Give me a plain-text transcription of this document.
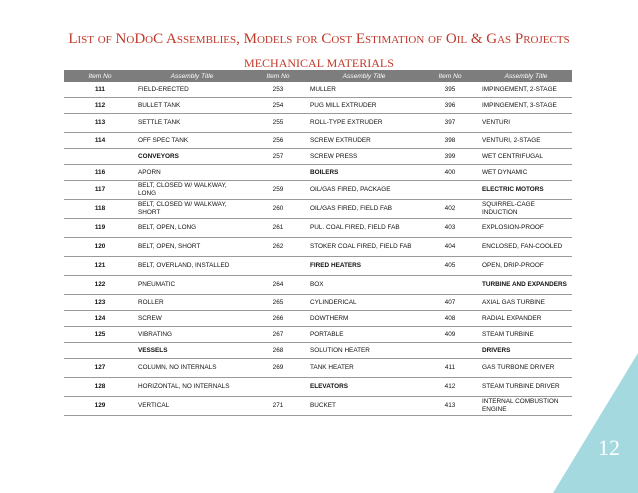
List of NoDoC Assemblies, Models for Cost Estimation of Oil & Gas Projects
MECHANICAL MATERIALS
Item No	Assembly Title	Item No	Assembly Title	Item No	Assembly Title
111	FIELD-ERECTED	253	MULLER	395	IMPINGEMENT, 2-STAGE
112	BULLET TANK	254	PUG MILL EXTRUDER	396	IMPINGEMENT, 3-STAGE
113	SETTLE TANK	255	ROLL-TYPE EXTRUDER	397	VENTURI
114	OFF SPEC TANK	256	SCREW EXTRUDER	398	VENTURI, 2-STAGE
	CONVEYORS	257	SCREW PRESS	399	WET CENTRIFUGAL
116	APORN		BOILERS	400	WET DYNAMIC
117	BELT, CLOSED W/ WALKWAY, LONG	259	OIL/GAS FIRED, PACKAGE		ELECTRIC MOTORS
118	BELT, CLOSED W/ WALKWAY, SHORT	260	OIL/GAS FIRED, FIELD FAB	402	SQUIRREL-CAGE INDUCTION
119	BELT, OPEN, LONG	261	PUL. COAL FIRED, FIELD FAB	403	EXPLOSION-PROOF
120	BELT, OPEN, SHORT	262	STOKER COAL FIRED, FIELD FAB	404	ENCLOSED, FAN-COOLED
121	BELT, OVERLAND, INSTALLED		FIRED HEATERS	405	OPEN, DRIP-PROOF
122	PNEUMATIC	264	BOX		TURBINE AND EXPANDERS
123	ROLLER	265	CYLINDERICAL	407	AXIAL GAS TURBINE
124	SCREW	266	DOWTHERM	408	RADIAL EXPANDER
125	VIBRATING	267	PORTABLE	409	STEAM TURBINE
	VESSELS	268	SOLUTION HEATER		DRIVERS
127	COLUMN, NO INTERNALS	269	TANK HEATER	411	GAS TURBONE DRIVER
128	HORIZONTAL, NO INTERNALS		ELEVATORS	412	STEAM TURBINE DRIVER
129	VERTICAL	271	BUCKET	413	INTERNAL COMBUSTION ENGINE
12
